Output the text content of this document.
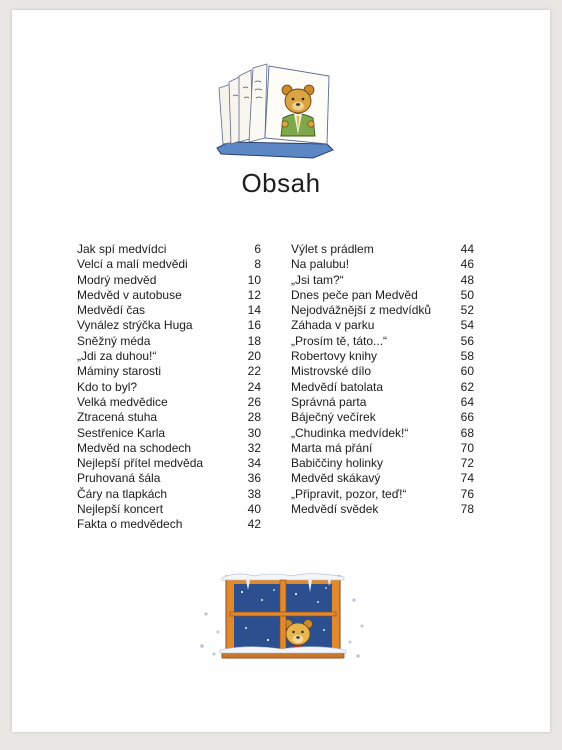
Obsah
Jak spí medvídci	6
Velcí a malí medvědi	8
Modrý medvěd	10
Medvěd v autobuse	12
Medvědí čas	14
Vynález strýčka Huga	16
Sněžný méda	18
„Jdi za duhou!“	20
Máminy starosti	22
Kdo to byl?	24
Velká medvědice	26
Ztracená stuha	28
Sestřenice Karla	30
Medvěd na schodech	32
Nejlepší přítel medvěda	34
Pruhovaná šála	36
Čáry na tlapkách	38
Nejlepší koncert	40
Fakta o medvědech	42
Výlet s prádlem	44
Na palubu!	46
„Jsi tam?“	48
Dnes peče pan Medvěd	50
Nejodvážnější z medvídků 52
Záhada v parku	54
„Prosím tě, táto...“	56
Robertovy knihy	58
Mistrovské dílo	60
Medvědí batolata	62
Správná parta	64
Báječný večírek	66
„Chudinka medvídek!“	68
Marta má přání	70
Babiččiny holinky	72
Medvěd skákavý	74
„Připravit, pozor, teď!“	76
Medvědí svědek	78
